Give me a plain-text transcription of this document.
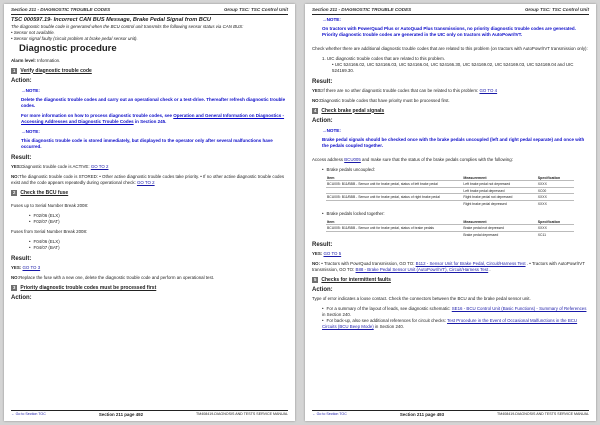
Section 211 - DIAGNOSTIC TROUBLE CODES	Group TSC: TSC Control Unit
TSC 000597.19- Incorrect CAN BUS Message, Brake Pedal Signal from BCU
The diagnostic trouble code is generated when the BCU control unit transmits the following sensor status via CAN BUS:
• Sensor not available.
• Sensor signal faulty (circuit problem at brake pedal sensor unit).
Diagnostic procedure
Alarm level: Information.
1	Verify diagnostic trouble code
Action:
→NOTE:
Delete the diagnostic trouble codes and carry out an operational check or a test-drive. Thereafter refresh diagnostic trouble codes.
For more information on how to process diagnostic trouble codes, see Operation and General Information on Diagnostics - Accessing Addresses and Diagnostic Trouble Codes in Section 245.
→NOTE:
This diagnostic trouble code is stored immediately, but displayed to the operator only after several malfunctions have occurred.
Result:
YES:Diagnostic trouble code is ACTIVE: GO TO 2
NO:The diagnostic trouble code is STORED: • Other active diagnostic trouble codes take priority. • If no other active diagnostic trouble codes exist and the code appears repeatedly during operational check: GO TO 2
2	Check the BCU fuse
Fuses up to Serial Number Break 2008:
• F02/06 (ELX)
• F02/07 (BAT)
Fuses from Serial Number Break 2008:
• F04/06 (ELX)
• F04/07 (BAT)
Result:
YES: GO TO 3
NO:Replace the fuse with a new one, delete the diagnostic trouble code and perform an operational test.
3	Priority diagnostic trouble codes must be processed first
Action:
← Go to Section TOC	Section 211 page 492	TM408419-DIAGNOSIS AND TESTS SERVICE MANUAL
Section 211 - DIAGNOSTIC TROUBLE CODES	Group TSC: TSC Control Unit
→NOTE:
On tractors with PowerQuad Plus or AutoQuad Plus transmissions, no priority diagnostic trouble codes are generated. Priority diagnostic trouble codes are generated in the UIC only on tractors with AutoPowr/IVT.
Check whether there are additional diagnostic trouble codes that are related to this problem (on tractors with AutoPowr/IVT transmission only):
1. UIC diagnostic trouble codes that are related to this problem.
• UIC 524166.02, UIC 524166.03, UIC 524166.04, UIC 524166.30, UIC 524169.02, UIC 524169.03, UIC 524169.04 and UIC 524169.30.
Result:
YES:If there are no other diagnostic trouble codes that can be related to this problem: GO TO 4
NO:Diagnostic trouble codes that have priority must be processed first.
4	Check brake pedal signals
Action:
→NOTE:
Brake pedal signals should be checked once with the brake pedals uncoupled (left and right pedal separate) and once with the pedals coupled together.
Access address BCU005 and make sure that the status of the brake pedals complies with the following:
• Brake pedals uncoupled:
Item	Measurement	Specification
BCU005: B11/BBB - Sensor unit for brake pedal, status of left brake pedal	Left brake pedal not depressed	XXXX
	Left brake pedal depressed	XC00
BCU005: B11/BBB - Sensor unit for brake pedal, status of right brake pedal	Right brake pedal not depressed	XXXX
	Right brake pedal depressed	XXXX
• Brake pedals locked together:
Item	Measurement	Specification
BCU005: B11/BBB - Sensor unit for brake pedal, status of brake pedals	Brake pedal not depressed	XXXX
	Brake pedal depressed	XC11
Result:
YES: GO TO 5
NO: • Tractors with PowrQuad transmission, GO TO: B112 - Sensor Unit for Brake Pedal, Circuit/Harness Test . • Tractors with AutoPowr/IVT transmission, GO TO: B88 - Brake Pedal Sensor Unit (AutoPowr/IVT), Circuit/Harness Test .
5	Checks for intermittent faults
Action:
Type of error indicates a loose contact. Check the connectors between the BCU and the brake pedal sensor unit.
• For a summary of the layout of leads, see diagnostic schematic: SE16 - BCU Control Unit (Basic Functions) - Summary of References in Section 240.
• For back-up, also see additional references for circuit checks: Test Procedure in the Event of Occasional Malfunctions in the BCU Circuits (BCU Beep Mode) in Section 240.
← Go to Section TOC	Section 211 page 493	TM408419-DIAGNOSIS AND TESTS SERVICE MANUAL
